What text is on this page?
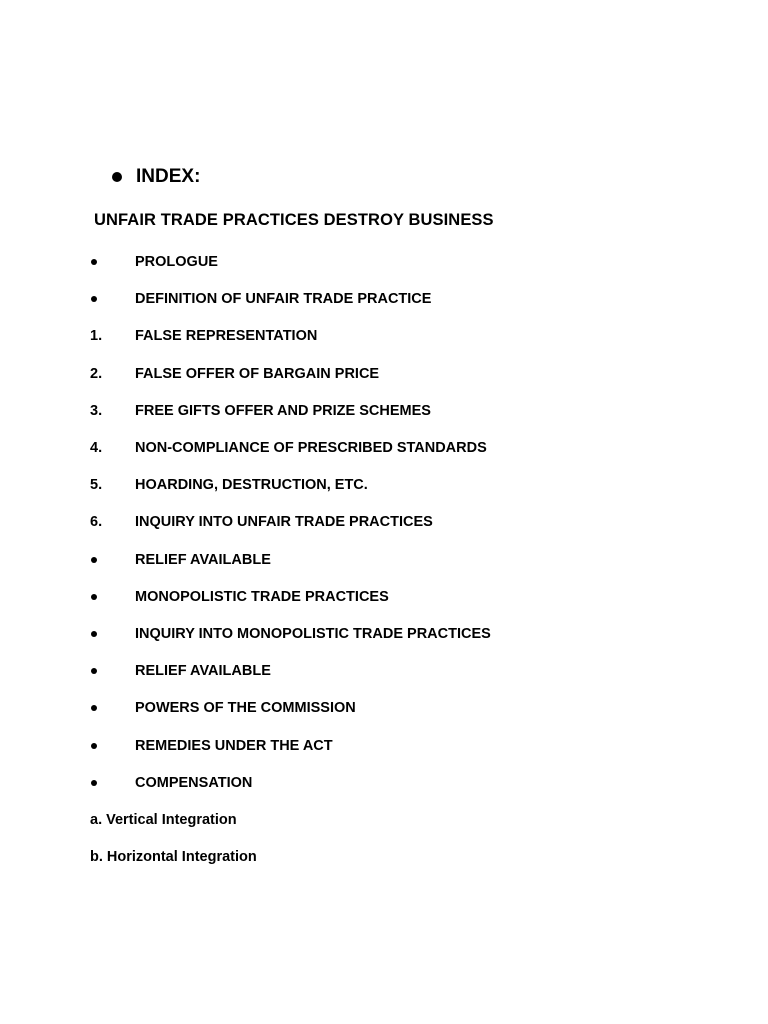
INDEX:
UNFAIR TRADE PRACTICES DESTROY BUSINESS
PROLOGUE
DEFINITION OF UNFAIR TRADE PRACTICE
1. FALSE REPRESENTATION
2. FALSE OFFER OF BARGAIN PRICE
3. FREE GIFTS OFFER AND PRIZE SCHEMES
4. NON-COMPLIANCE OF PRESCRIBED STANDARDS
5. HOARDING, DESTRUCTION, ETC.
6. INQUIRY INTO UNFAIR TRADE PRACTICES
RELIEF AVAILABLE
MONOPOLISTIC TRADE PRACTICES
INQUIRY INTO MONOPOLISTIC TRADE PRACTICES
RELIEF AVAILABLE
POWERS OF THE COMMISSION
REMEDIES UNDER THE ACT
COMPENSATION
a. Vertical Integration
b. Horizontal Integration
